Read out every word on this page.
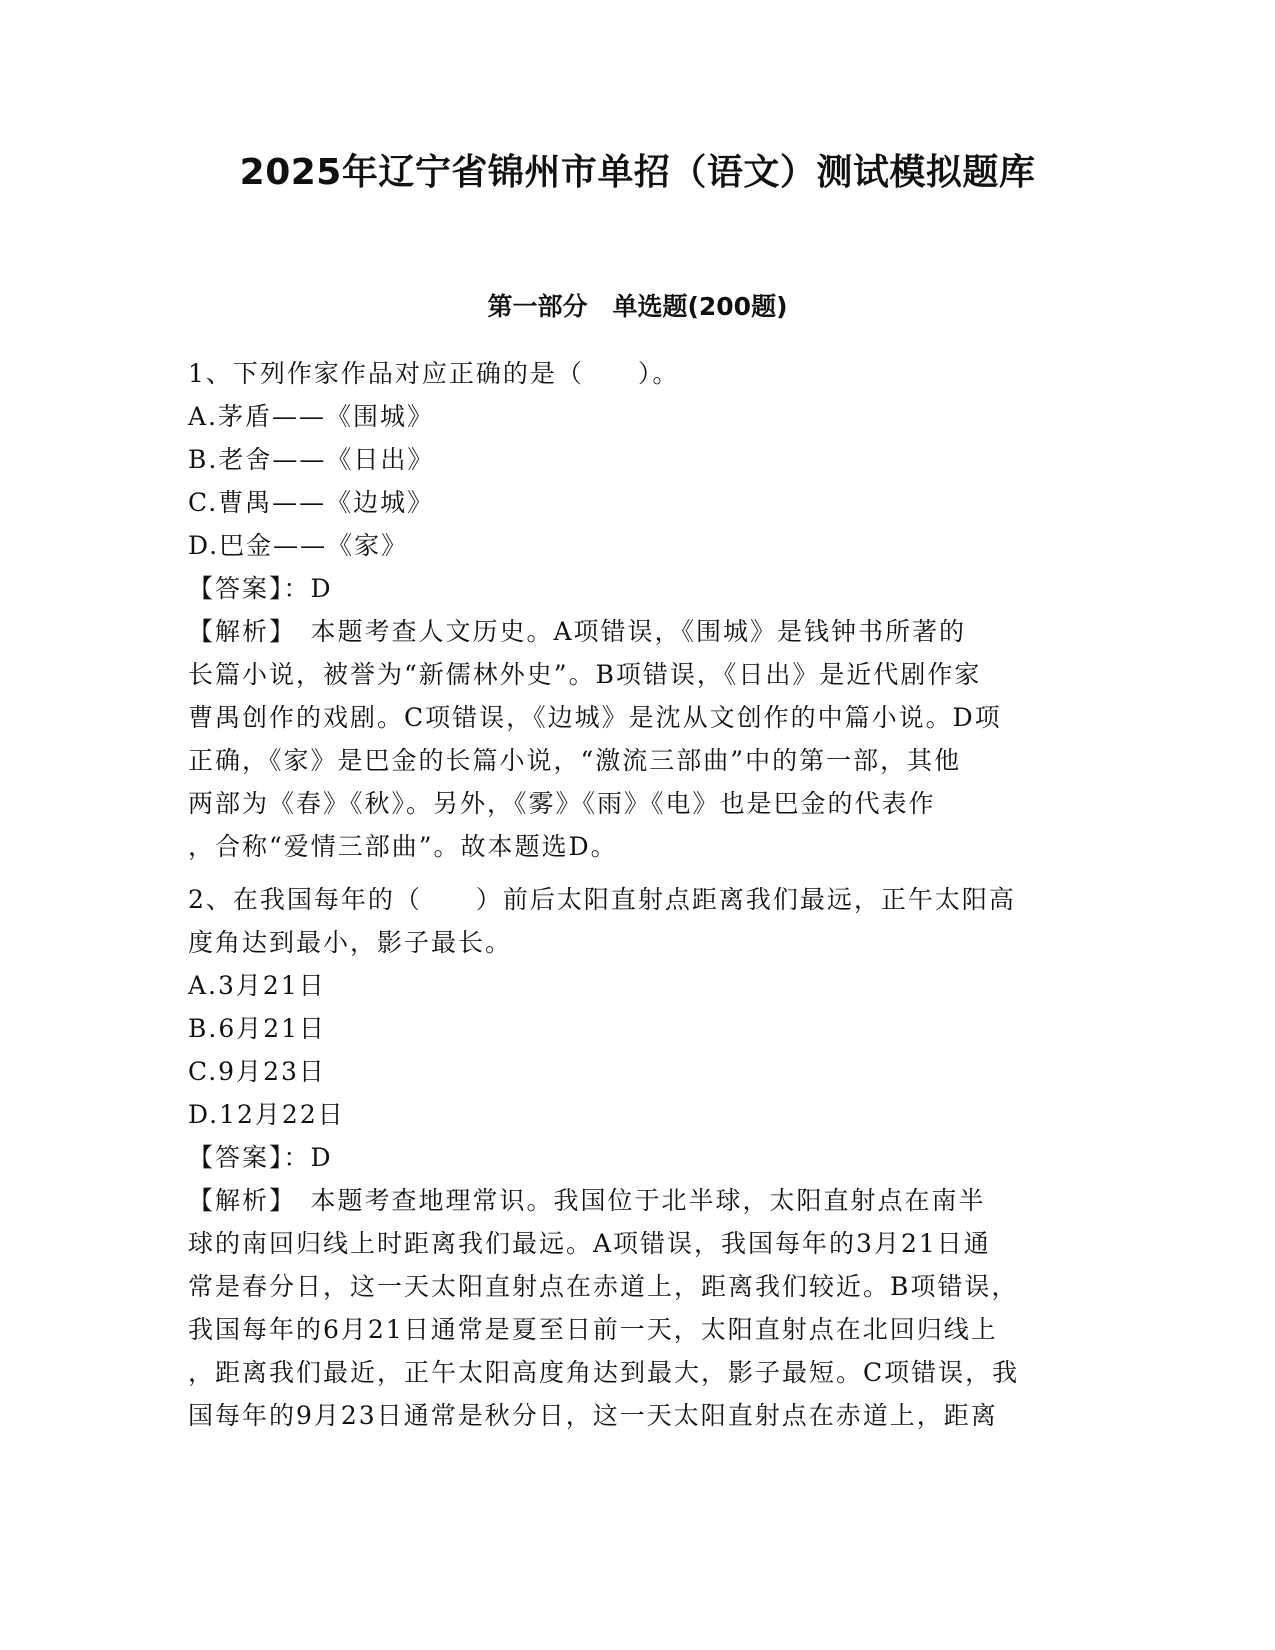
2025年辽宁省锦州市单招（语文）测试模拟题库
第一部分　单选题(200题)
1、下列作家作品对应正确的是（　　）。
A.茅盾——《围城》
B.老舍——《日出》
C.曹禺——《边城》
D.巴金——《家》
【答案】：D
【解析】　本题考查人文历史。A项错误，《围城》是钱钟书所著的
长篇小说，被誉为“新儒林外史”。B项错误，《日出》是近代剧作家
曹禺创作的戏剧。C项错误，《边城》是沈从文创作的中篇小说。D项
正确，《家》是巴金的长篇小说，“激流三部曲”中的第一部，其他
两部为《春》《秋》。另外，《雾》《雨》《电》也是巴金的代表作
，合称“爱情三部曲”。故本题选D。
2、在我国每年的（　　）前后太阳直射点距离我们最远，正午太阳高
度角达到最小，影子最长。
A.3月21日
B.6月21日
C.9月23日
D.12月22日
【答案】：D
【解析】　本题考查地理常识。我国位于北半球，太阳直射点在南半
球的南回归线上时距离我们最远。A项错误，我国每年的3月21日通
常是春分日，这一天太阳直射点在赤道上，距离我们较近。B项错误，
我国每年的6月21日通常是夏至日前一天，太阳直射点在北回归线上
，距离我们最近，正午太阳高度角达到最大，影子最短。C项错误，我
国每年的9月23日通常是秋分日，这一天太阳直射点在赤道上，距离
